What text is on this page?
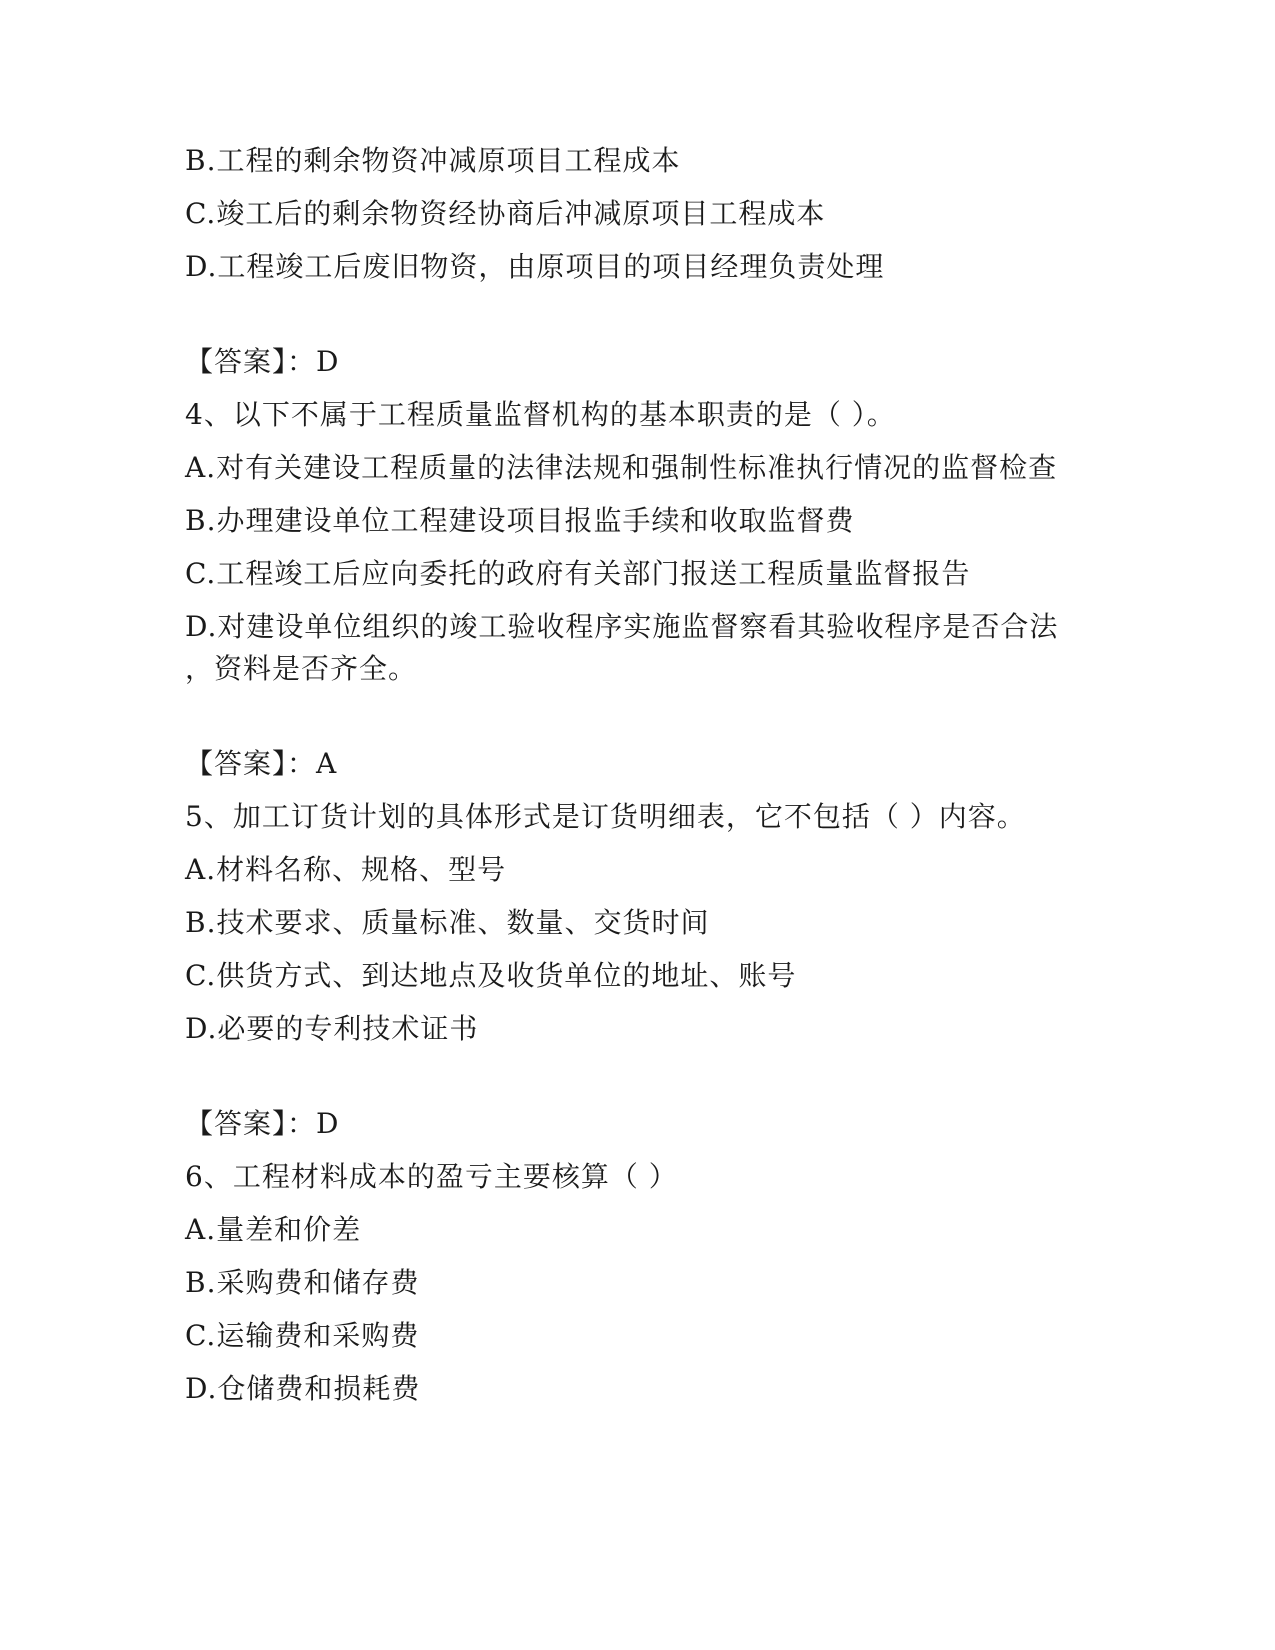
B.工程的剩余物资冲减原项目工程成本

C.竣工后的剩余物资经协商后冲减原项目工程成本

D.工程竣工后废旧物资，由原项目的项目经理负责处理

【答案】：D

4、以下不属于工程质量监督机构的基本职责的是（ ）。

A.对有关建设工程质量的法律法规和强制性标准执行情况的监督检查

B.办理建设单位工程建设项目报监手续和收取监督费

C.工程竣工后应向委托的政府有关部门报送工程质量监督报告

D.对建设单位组织的竣工验收程序实施监督察看其验收程序是否合法

，资料是否齐全。

【答案】：A

5、加工订货计划的具体形式是订货明细表，它不包括（ ）内容。

A.材料名称、规格、型号

B.技术要求、质量标准、数量、交货时间

C.供货方式、到达地点及收货单位的地址、账号

D.必要的专利技术证书

【答案】：D

6、工程材料成本的盈亏主要核算（ ）

A.量差和价差

B.采购费和储存费

C.运输费和采购费

D.仓储费和损耗费
